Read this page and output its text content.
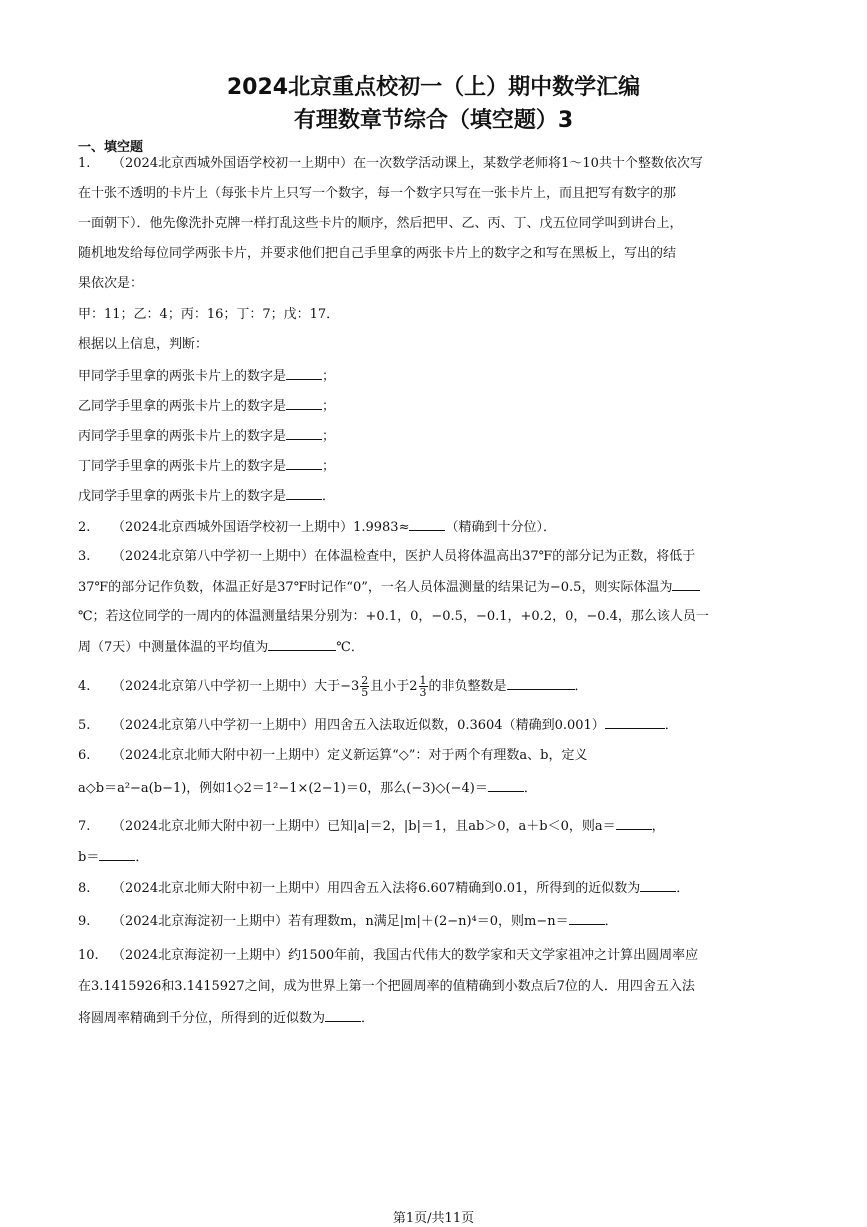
2024北京重点校初一（上）期中数学汇编
有理数章节综合（填空题）3
一、填空题
1. （2024北京西城外国语学校初一上期中）在一次数学活动课上，某数学老师将1～10共十个整数依次写
在十张不透明的卡片上（每张卡片上只写一个数字，每一个数字只写在一张卡片上，而且把写有数字的那
一面朝下）．他先像洗扑克牌一样打乱这些卡片的顺序，然后把甲、乙、丙、丁、戊五位同学叫到讲台上，
随机地发给每位同学两张卡片，并要求他们把自己手里拿的两张卡片上的数字之和写在黑板上，写出的结
果依次是：
甲：11；乙：4；丙：16；丁：7；戊：17．
根据以上信息，判断：
甲同学手里拿的两张卡片上的数字是	；
乙同学手里拿的两张卡片上的数字是	；
丙同学手里拿的两张卡片上的数字是	；
丁同学手里拿的两张卡片上的数字是	；
戊同学手里拿的两张卡片上的数字是	．
2. （2024北京西城外国语学校初一上期中）1.9983≈	（精确到十分位）．
3. （2024北京第八中学初一上期中）在体温检查中，医护人员将体温高出37℉的部分记为正数，将低于
37℉的部分记作负数，体温正好是37℉时记作“0”，一名人员体温测量的结果记为−0.5，则实际体温为
℃；若这位同学的一周内的体温测量结果分别为：+0.1，0，−0.5，−0.1，+0.2，0，−0.4，那么该人员一
周（7天）中测量体温的平均值为	℃．
4. （2024北京第八中学初一上期中）大于$-3 \frac{2}{5}$ 且小于$2 \frac{1}{3}$ 的非负整数是	．
5. （2024北京第八中学初一上期中）用四舍五入法取近似数，0.3604（精确到0.001）	．
6. （2024北京北师大附中初一上期中）定义新运算“◇”：对于两个有理数a、b，定义
a◇b＝a²−a(b−1)，例如1◇2＝1²−1×(2−1)＝0，那么(−3)◇(−4)＝	．
7. （2024北京北师大附中初一上期中）已知|a|＝2，|b|＝1，且ab＞0，a＋b＜0，则a＝	，
b＝	．
8. （2024北京北师大附中初一上期中）用四舍五入法将6.607精确到0.01，所得到的近似数为	．
9. （2024北京海淀初一上期中）若有理数m，n满足|m|＋(2−n)⁴＝0，则m−n＝	．
10. （2024北京海淀初一上期中）约1500年前，我国古代伟大的数学家和天文学家祖冲之计算出圆周率应
在3.1415926和3.1415927之间，成为世界上第一个把圆周率的值精确到小数点后7位的人．用四舍五入法
将圆周率精确到千分位，所得到的近似数为	．
第1页/共11页
